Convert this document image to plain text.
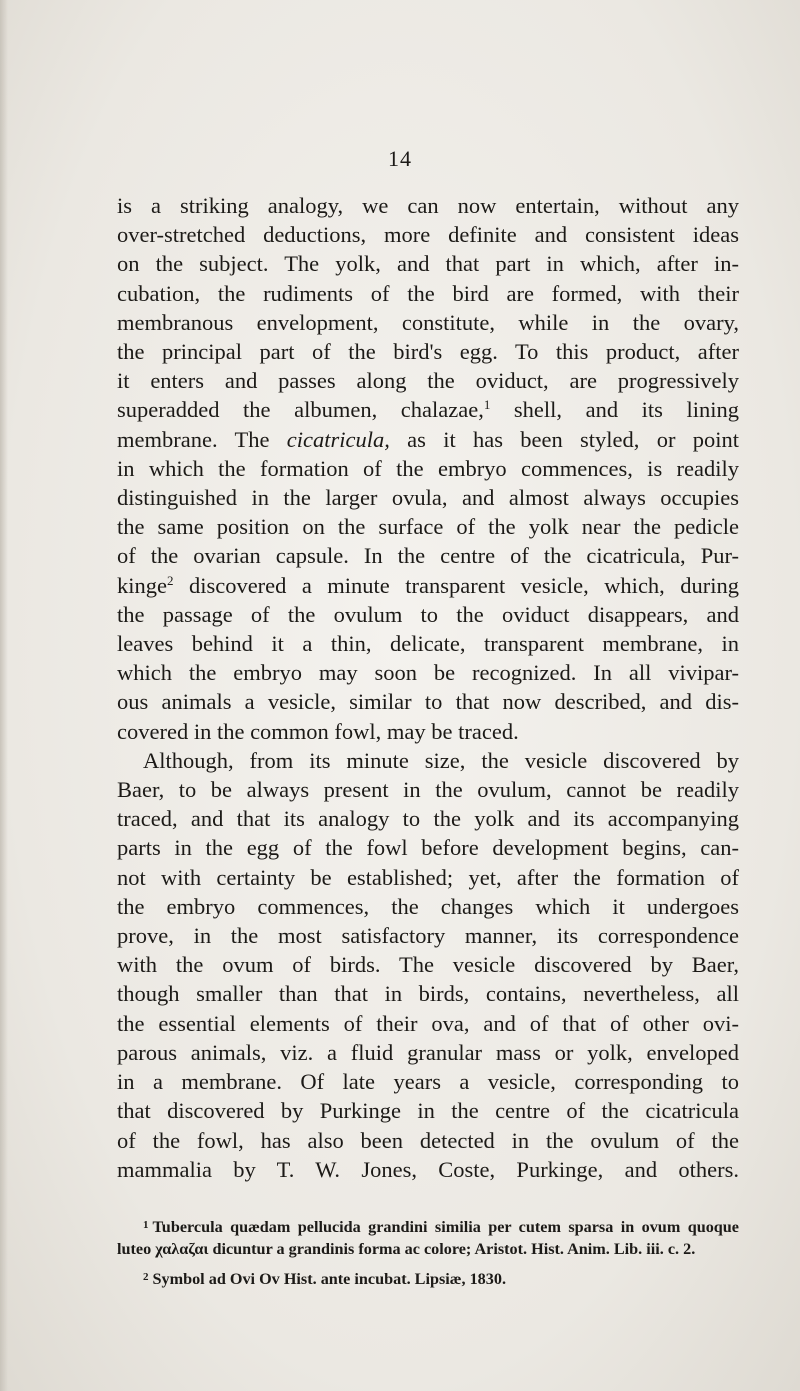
14

is a striking analogy, we can now entertain, without any

over-stretched deductions, more definite and consistent ideas

on the subject. The yolk, and that part in which, after in-

cubation, the rudiments of the bird are formed, with their

membranous envelopment, constitute, while in the ovary,

the principal part of the bird's egg. To this product, after

it enters and passes along the oviduct, are progressively

superadded the albumen, chalazae,$^1$ shell, and its lining

membrane. The cicatricula, as it has been styled, or point

in which the formation of the embryo commences, is readily

distinguished in the larger ovula, and almost always occupies

the same position on the surface of the yolk near the pedicle

of the ovarian capsule. In the centre of the cicatricula, Pur-

kinge$^2$ discovered a minute transparent vesicle, which, during

the passage of the ovulum to the oviduct disappears, and

leaves behind it a thin, delicate, transparent membrane, in

which the embryo may soon be recognized. In all vivipar-

ous animals a vesicle, similar to that now described, and dis-

covered in the common fowl, may be traced.

Although, from its minute size, the vesicle discovered by

Baer, to be always present in the ovulum, cannot be readily

traced, and that its analogy to the yolk and its accompanying

parts in the egg of the fowl before development begins, can-

not with certainty be established; yet, after the formation of

the embryo commences, the changes which it undergoes

prove, in the most satisfactory manner, its correspondence

with the ovum of birds. The vesicle discovered by Baer,

though smaller than that in birds, contains, nevertheless, all

the essential elements of their ova, and of that of other ovi-

parous animals, viz. a fluid granular mass or yolk, enveloped

in a membrane. Of late years a vesicle, corresponding to

that discovered by Purkinge in the centre of the cicatricula

of the fowl, has also been detected in the ovulum of the

mammalia by T. W. Jones, Coste, Purkinge, and others.

$^1$ Tubercula quædam pellucida grandini similia per cutem sparsa in ovum quoque luteo χαλαζαι dicuntur a grandinis forma ac colore; Aristot. Hist. Anim. Lib. iii. c. 2.

$^2$ Symbol ad Ovi Ov Hist. ante incubat. Lipsiæ, 1830.
